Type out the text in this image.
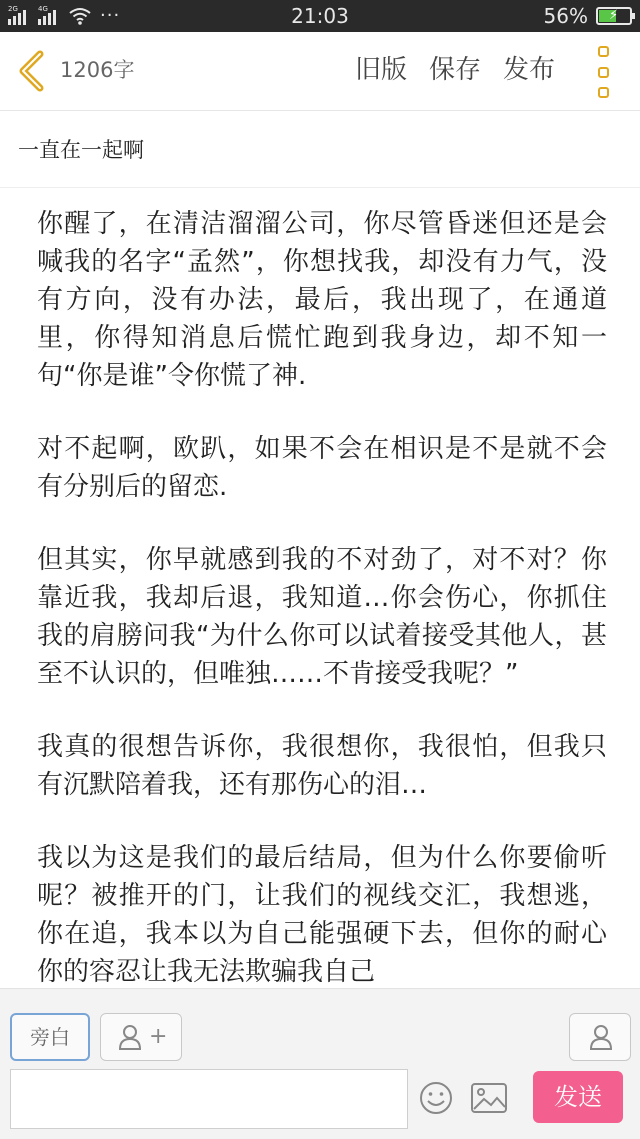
2G	4G	···	21:03	56% ⚡
1206字	旧版 保存 发布
一直在一起啊

你醒了，在清洁溜溜公司，你尽管昏迷但还是会喊我的名字“孟然”，你想找我，却没有力气，没有方向，没有办法，最后，我出现了，在通道里，你得知消息后慌忙跑到我身边，却不知一句“你是谁”令你慌了神.

对不起啊，欧趴，如果不会在相识是不是就不会有分别后的留恋.

但其实，你早就感到我的不对劲了，对不对？你靠近我，我却后退，我知道…你会伤心，你抓住我的肩膀问我“为什么你可以试着接受其他人，甚至不认识的，但唯独……不肯接受我呢？”

我真的很想告诉你，我很想你，我很怕，但我只有沉默陪着我，还有那伤心的泪…

我以为这是我们的最后结局，但为什么你要偷听呢？被推开的门，让我们的视线交汇，我想逃，你在追，我本以为自己能强硬下去，但你的耐心你的容忍让我无法欺骗我自己

旁白	+
发送
